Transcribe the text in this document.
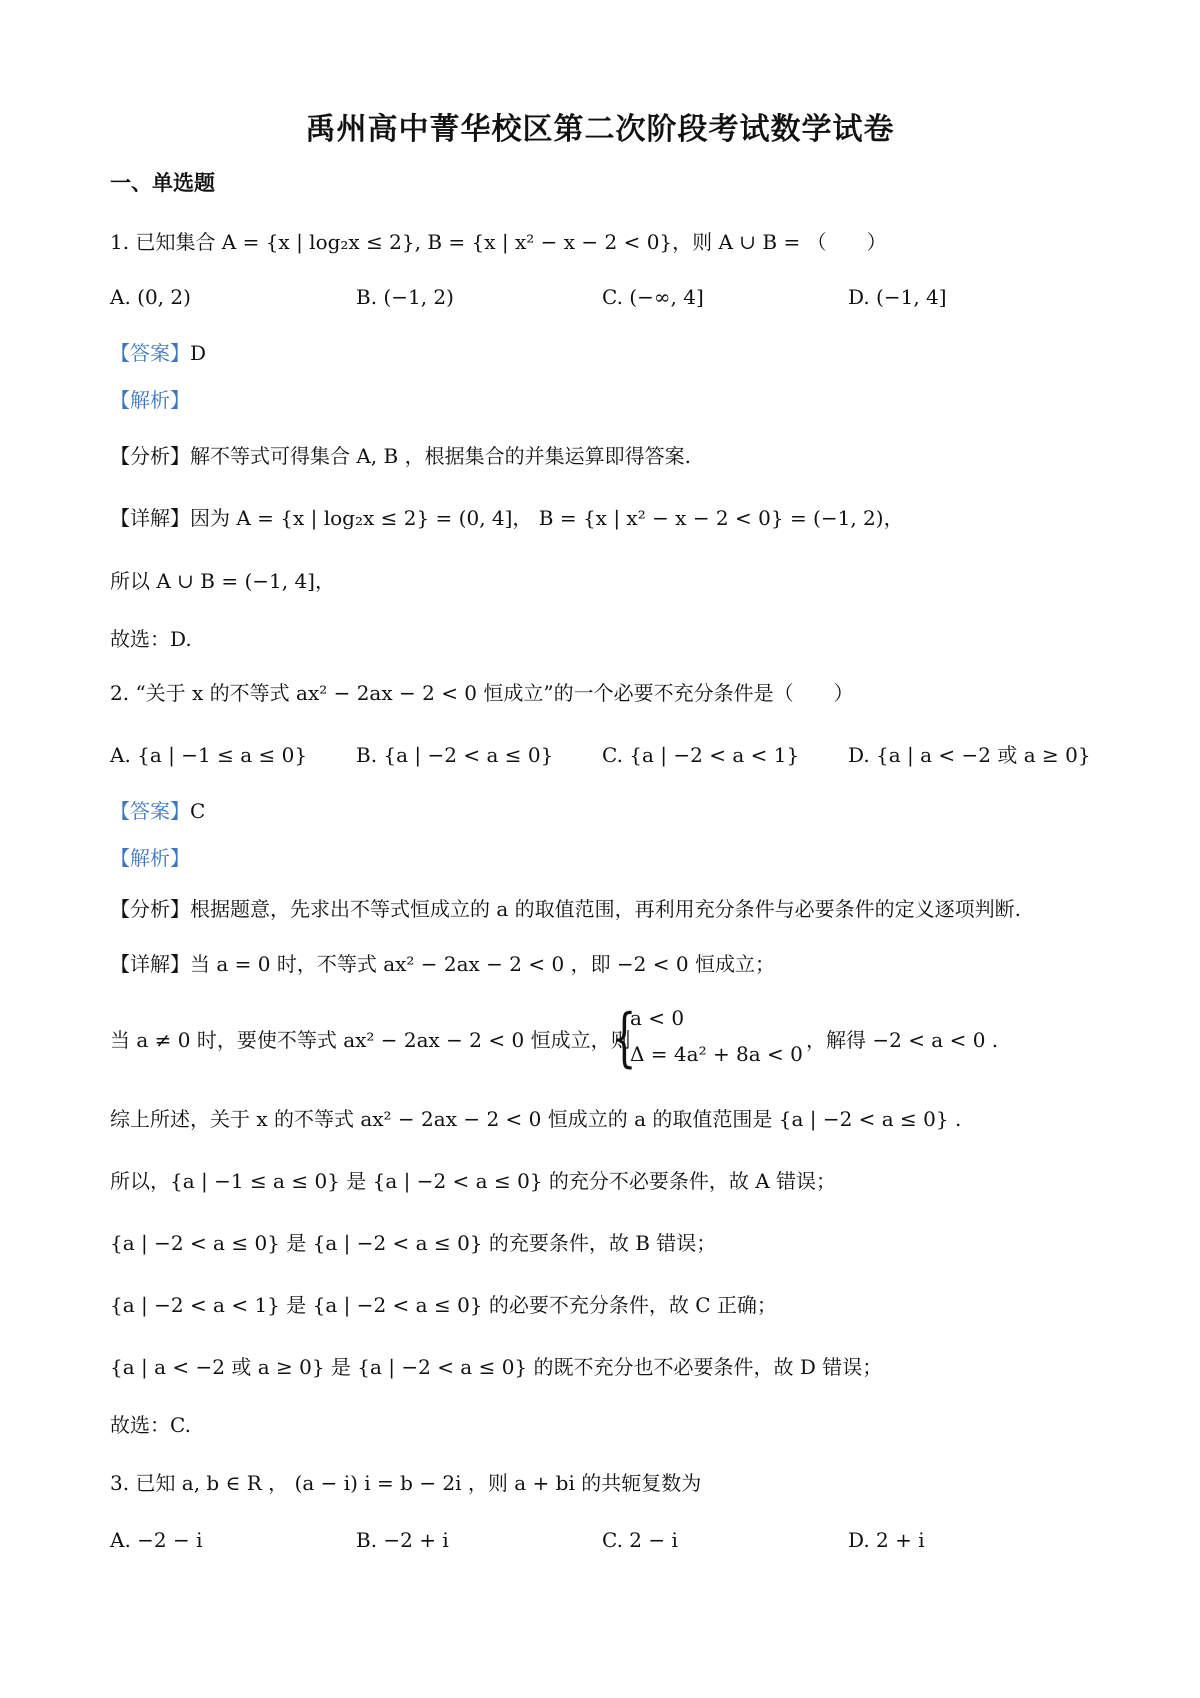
禹州高中菁华校区第二次阶段考试数学试卷
一、单选题
1. 已知集合 A = {x | log₂x ≤ 2}, B = {x | x² − x − 2 < 0}，则 A ∪ B = （　　）
A. (0, 2)	B. (−1, 2)	C. (−∞, 4]	D. (−1, 4]
【答案】D
【解析】
【分析】解不等式可得集合 A, B ，根据集合的并集运算即得答案.
【详解】因为 A = {x | log₂x ≤ 2} = (0, 4]， B = {x | x² − x − 2 < 0} = (−1, 2)，
所以 A ∪ B = (−1, 4]，
故选：D.
2. “关于 x 的不等式 ax² − 2ax − 2 < 0 恒成立”的一个必要不充分条件是（　　）
A. {a | −1 ≤ a ≤ 0} B. {a | −2 < a ≤ 0} C. {a | −2 < a < 1} D. {a | a < −2 或 a ≥ 0}
【答案】C
【解析】
【分析】根据题意，先求出不等式恒成立的 a 的取值范围，再利用充分条件与必要条件的定义逐项判断.
【详解】当 a = 0 时，不等式 ax² − 2ax − 2 < 0 ，即 −2 < 0 恒成立；
当 a ≠ 0 时，要使不等式 ax² − 2ax − 2 < 0 恒成立，则
{
a < 0
Δ = 4a² + 8a < 0
，解得 −2 < a < 0 .
综上所述，关于 x 的不等式 ax² − 2ax − 2 < 0 恒成立的 a 的取值范围是 {a | −2 < a ≤ 0} .
所以，{a | −1 ≤ a ≤ 0} 是 {a | −2 < a ≤ 0} 的充分不必要条件，故 A 错误；
{a | −2 < a ≤ 0} 是 {a | −2 < a ≤ 0} 的充要条件，故 B 错误；
{a | −2 < a < 1} 是 {a | −2 < a ≤ 0} 的必要不充分条件，故 C 正确；
{a | a < −2 或 a ≥ 0} 是 {a | −2 < a ≤ 0} 的既不充分也不必要条件，故 D 错误；
故选：C.
3. 已知 a, b ∈ R ， (a − i) i = b − 2i ，则 a + bi 的共轭复数为
A. −2 − i	B. −2 + i	C. 2 − i	D. 2 + i
